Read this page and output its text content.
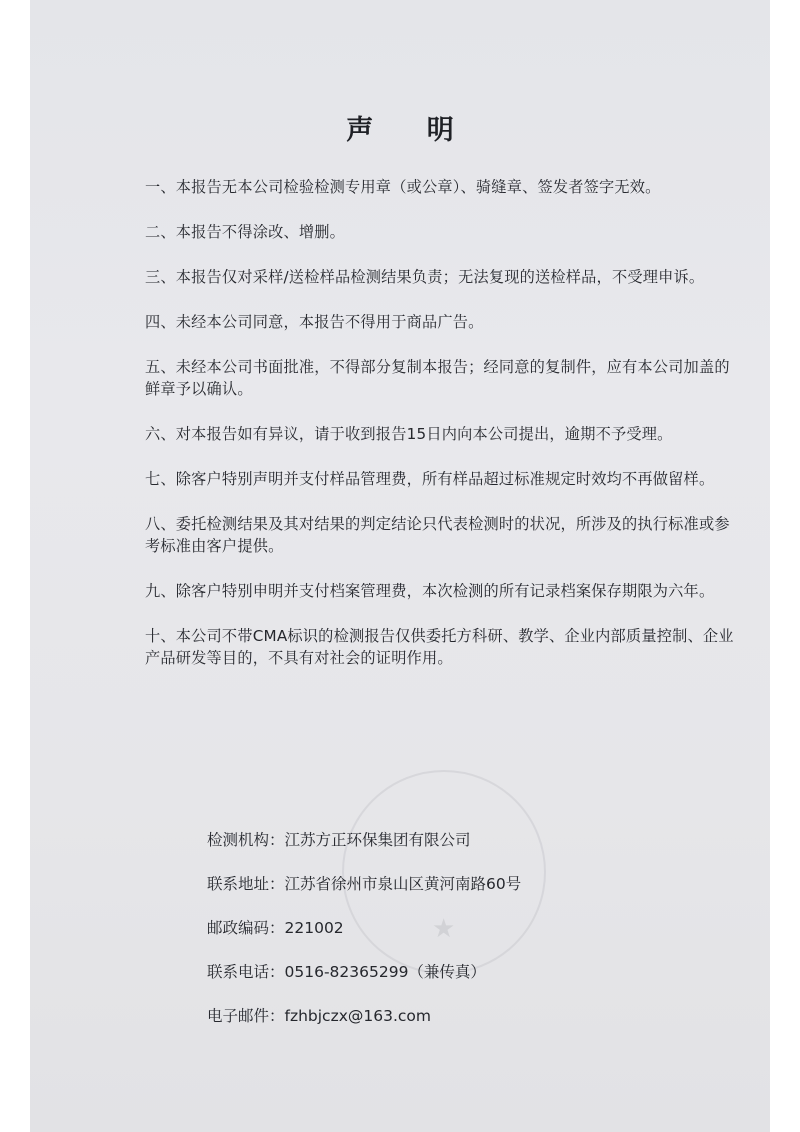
★
声 明
一、本报告无本公司检验检测专用章（或公章）、骑缝章、签发者签字无效。
二、本报告不得涂改、增删。
三、本报告仅对采样/送检样品检测结果负责；无法复现的送检样品，不受理申诉。
四、未经本公司同意，本报告不得用于商品广告。
五、未经本公司书面批准，不得部分复制本报告；经同意的复制件，应有本公司加盖的鲜章予以确认。
六、对本报告如有异议，请于收到报告15日内向本公司提出，逾期不予受理。
七、除客户特别声明并支付样品管理费，所有样品超过标准规定时效均不再做留样。
八、委托检测结果及其对结果的判定结论只代表检测时的状况，所涉及的执行标准或参考标准由客户提供。
九、除客户特别申明并支付档案管理费，本次检测的所有记录档案保存期限为六年。
十、本公司不带CMA标识的检测报告仅供委托方科研、教学、企业内部质量控制、企业产品研发等目的，不具有对社会的证明作用。
检测机构：江苏方正环保集团有限公司
联系地址：江苏省徐州市泉山区黄河南路60号
邮政编码：221002
联系电话：0516-82365299（兼传真）
电子邮件：fzhbjczx@163.com
